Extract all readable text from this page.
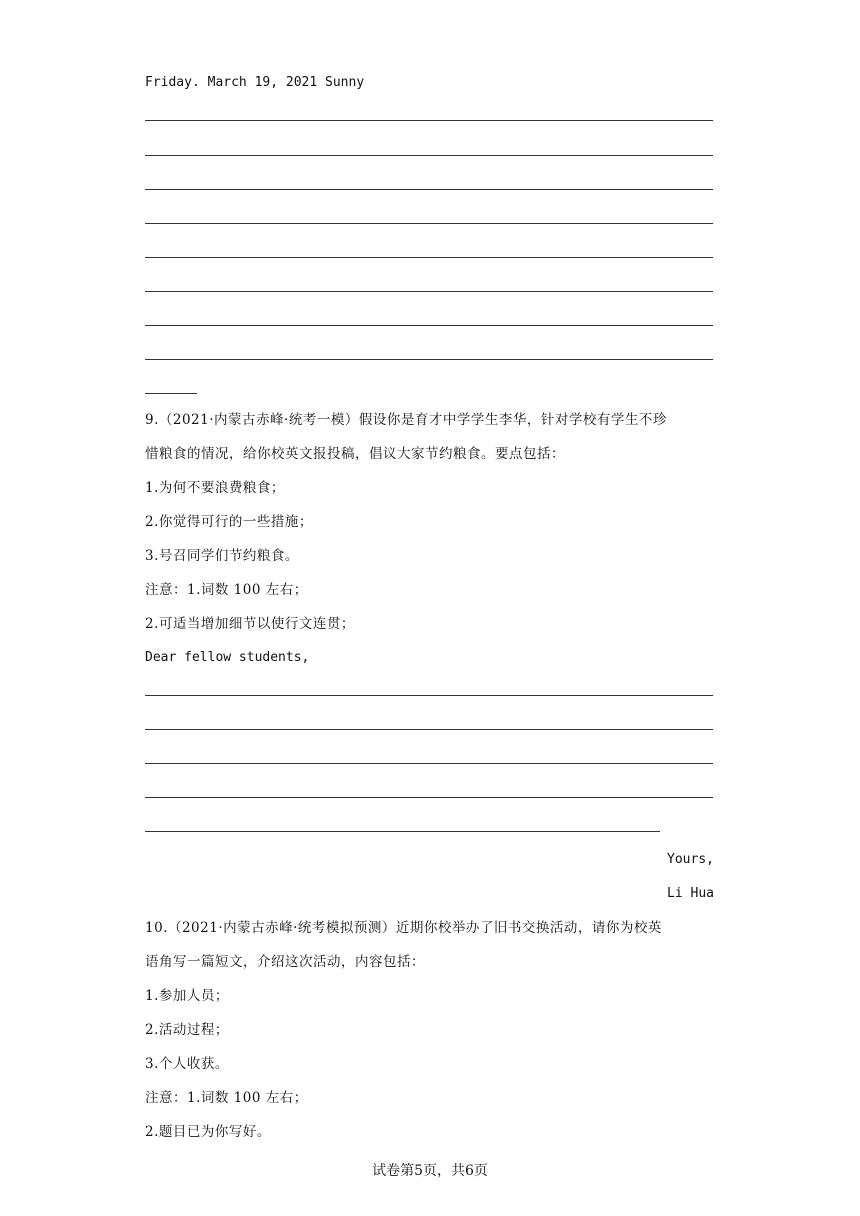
Friday. March 19, 2021 Sunny
9.（2021·内蒙古赤峰·统考一模）假设你是育才中学学生李华，针对学校有学生不珍
惜粮食的情况，给你校英文报投稿，倡议大家节约粮食。要点包括：
1.为何不要浪费粮食；
2.你觉得可行的一些措施；
3.号召同学们节约粮食。
注意：1.词数 100 左右；
2.可适当增加细节以使行文连贯；
Dear fellow students,
Yours,
Li Hua
10.（2021·内蒙古赤峰·统考模拟预测）近期你校举办了旧书交换活动，请你为校英
语角写一篇短文，介绍这次活动，内容包括：
1.参加人员；
2.活动过程；
3.个人收获。
注意：1.词数 100 左右；
2.题目已为你写好。
试卷第5页，共6页
